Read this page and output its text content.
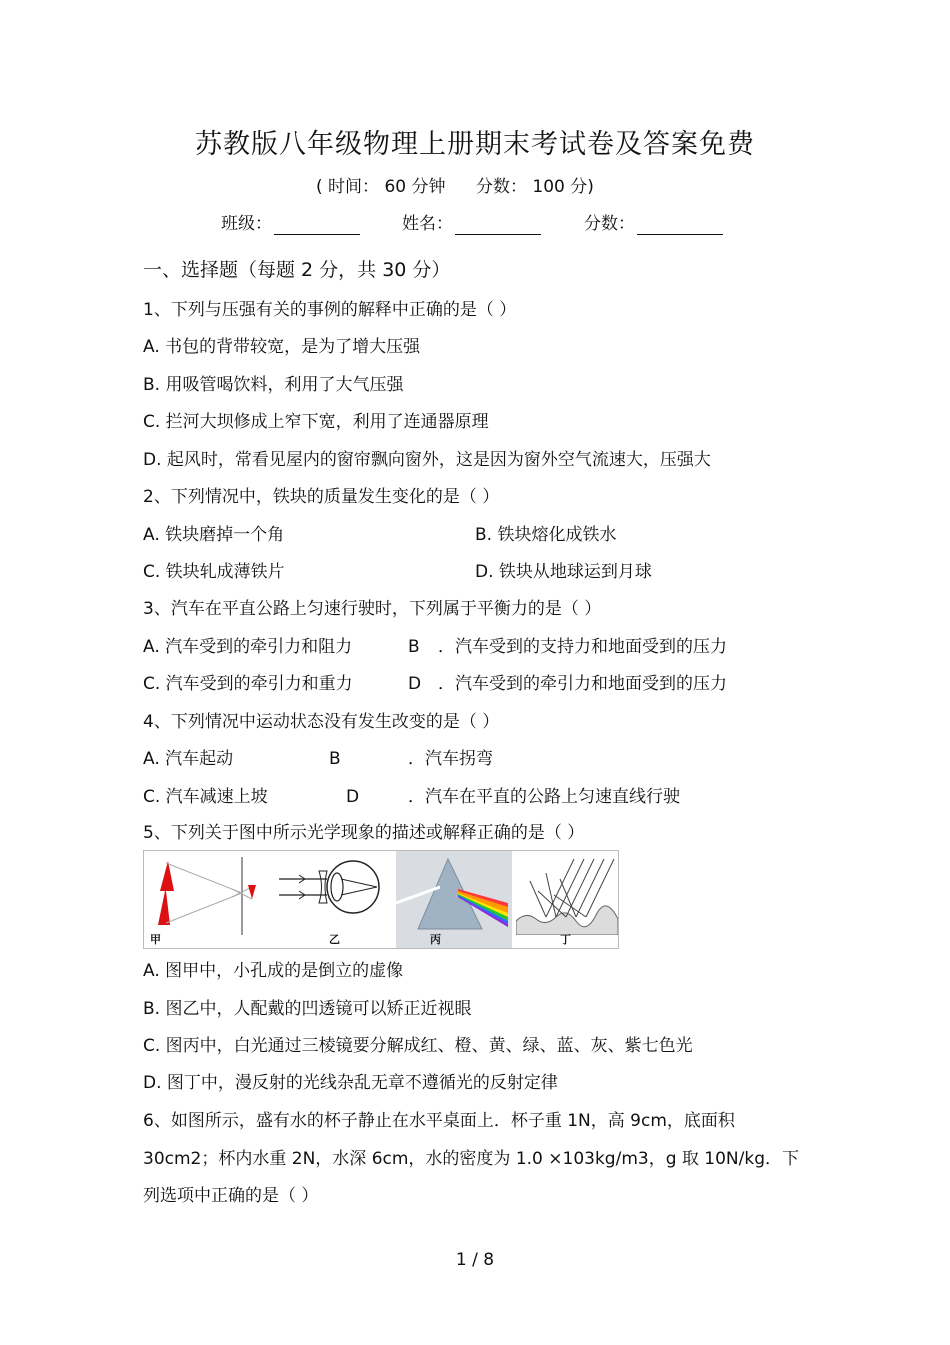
苏教版八年级物理上册期末考试卷及答案免费
( 时间： 60 分钟 分数： 100 分)
班级：	姓名：	分数：
一、选择题（每题 2 分，共 30 分）
1、下列与压强有关的事例的解释中正确的是（ ）
A. 书包的背带较宽，是为了增大压强
B. 用吸管喝饮料，利用了大气压强
C. 拦河大坝修成上窄下宽，利用了连通器原理
D. 起风时，常看见屋内的窗帘飘向窗外，这是因为窗外空气流速大，压强大
2、下列情况中，铁块的质量发生变化的是（ ）
A. 铁块磨掉一个角	B. 铁块熔化成铁水
C. 铁块轧成薄铁片	D. 铁块从地球运到月球
3、汽车在平直公路上匀速行驶时，下列属于平衡力的是（ ）
A. 汽车受到的牵引力和阻力	B ．汽车受到的支持力和地面受到的压力
C. 汽车受到的牵引力和重力	D ．汽车受到的牵引力和地面受到的压力
4、下列情况中运动状态没有发生改变的是（ ）
A. 汽车起动	B	．汽车拐弯
C. 汽车减速上坡	D	．汽车在平直的公路上匀速直线行驶
5、下列关于图中所示光学现象的描述或解释正确的是（ ）
甲	乙	丙	丁
A. 图甲中，小孔成的是倒立的虚像
B. 图乙中，人配戴的凹透镜可以矫正近视眼
C. 图丙中，白光通过三棱镜要分解成红、橙、黄、绿、蓝、灰、紫七色光
D. 图丁中，漫反射的光线杂乱无章不遵循光的反射定律
6、如图所示，盛有水的杯子静止在水平桌面上．杯子重 1N，高 9cm，底面积
30cm2；杯内水重 2N，水深 6cm，水的密度为 1.0 ×103kg/m3，g 取 10N/kg．下
列选项中正确的是（ ）
1 / 8
